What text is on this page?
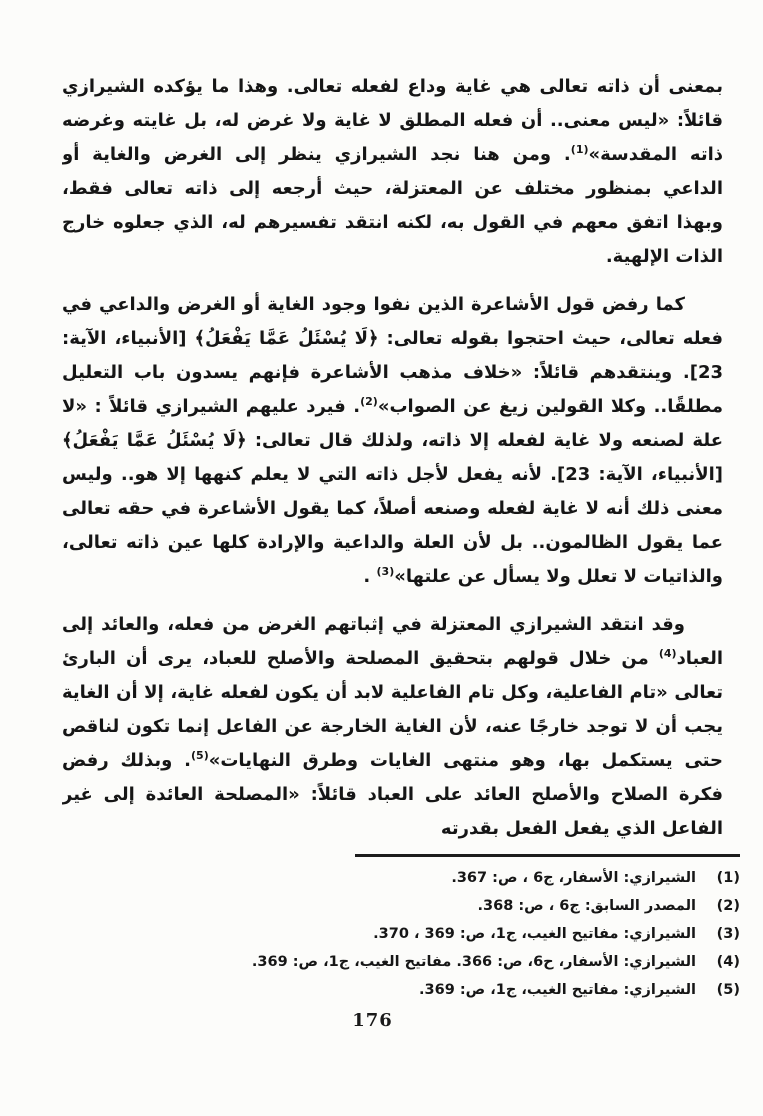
بمعنى أن ذاته تعالى هي غاية وداع لفعله تعالى. وهذا ما يؤكده الشيرازي قائلاً: «ليس معنى.. أن فعله المطلق لا غاية ولا غرض له، بل غايته وغرضه ذاته المقدسة»$^{(1)}$. ومن هنا نجد الشيرازي ينظر إلى الغرض والغاية أو الداعي بمنظور مختلف عن المعتزلة، حيث أرجعه إلى ذاته تعالى فقط، وبهذا اتفق معهم في القول به، لكنه انتقد تفسيرهم له، الذي جعلوه خارج الذات الإلهية.

كما رفض قول الأشاعرة الذين نفوا وجود الغاية أو الغرض والداعي في فعله تعالى، حيث احتجوا بقوله تعالى: ﴿لَا يُسْئَلُ عَمَّا يَفْعَلُ﴾ [الأنبياء، الآية: 23]. وينتقدهم قائلاً: «خلاف مذهب الأشاعرة فإنهم يسدون باب التعليل مطلقًا.. وكلا القولين زيغ عن الصواب»$^{(2)}$. فيرد عليهم الشيرازي قائلاً : «لا علة لصنعه ولا غاية لفعله إلا ذاته، ولذلك قال تعالى: ﴿لَا يُسْئَلُ عَمَّا يَفْعَلُ﴾ [الأنبياء، الآية: 23]. لأنه يفعل لأجل ذاته التي لا يعلم كنهها إلا هو.. وليس معنى ذلك أنه لا غاية لفعله وصنعه أصلاً، كما يقول الأشاعرة في حقه تعالى عما يقول الظالمون.. بل لأن العلة والداعية والإرادة كلها عين ذاته تعالى، والذاتيات لا تعلل ولا يسأل عن علتها»$^{(3)}$ .

وقد انتقد الشيرازي المعتزلة في إثباتهم الغرض من فعله، والعائد إلى العباد$^{(4)}$ من خلال قولهم بتحقيق المصلحة والأصلح للعباد، يرى أن البارئ تعالى «تام الفاعلية، وكل تام الفاعلية لابد أن يكون لفعله غاية، إلا أن الغاية يجب أن لا توجد خارجًا عنه، لأن الغاية الخارجة عن الفاعل إنما تكون لناقص حتى يستكمل بها، وهو منتهى الغايات وطرق النهايات»$^{(5)}$. وبذلك رفض فكرة الصلاح والأصلح العائد على العباد قائلاً: «المصلحة العائدة إلى غير الفاعل الذي يفعل الفعل بقدرته

(1)
الشيرازي: الأسفار، ج6 ، ص: 367.
(2)
المصدر السابق: ج6 ، ص: 368.
(3)
الشيرازي: مفاتيح الغيب، ج1، ص: 369 ، 370.
(4)
الشيرازي: الأسفار، ح6، ص: 366. مفاتيح الغيب، ج1، ص: 369.
(5)
الشيرازي: مفاتيح الغيب، ج1، ص: 369.
176
